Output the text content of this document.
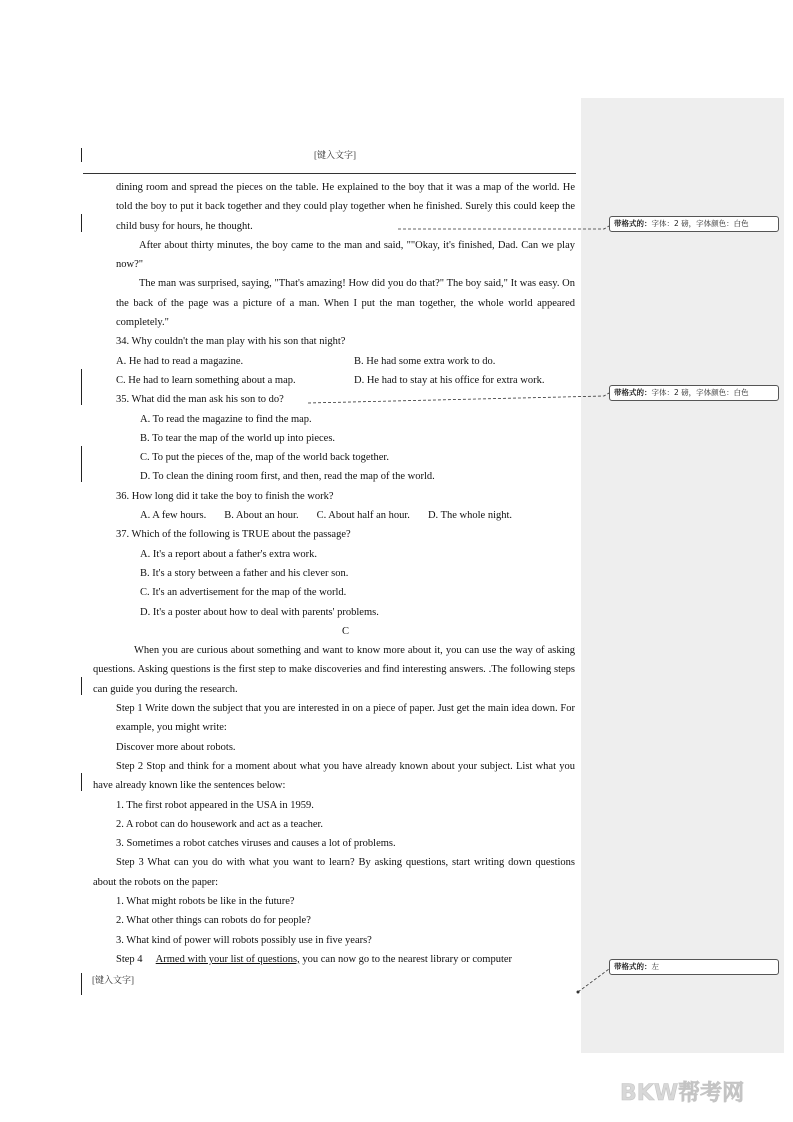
[键入文字]

dining room and spread the pieces on the table. He explained to the boy that it was a map of the world. He told the boy to put it back together and they could play together when he finished. Surely this could keep the child busy for hours, he thought.

After about thirty minutes, the boy came to the man and said, ""Okay, it's finished, Dad. Can we play now?"

The man was surprised, saying, "That's amazing! How did you do that?" The boy said," It was easy. On the back of the page was a picture of a man. When I put the man together, the whole world appeared completely."

34. Why couldn't the man play with his son that night?

A. He had to read a magazine.	B. He had some extra work to do.
C. He had to learn something about a map.	D. He had to stay at his office for extra work.

35. What did the man ask his son to do?

A. To read the magazine to find the map.

B. To tear the map of the world up into pieces.

C. To put the pieces of the, map of the world back together.

D. To clean the dining room first, and then, read the map of the world.

36. How long did it take the boy to finish the work?

A. A few hours. B. About an hour. C. About half an hour. D. The whole night.

37. Which of the following is TRUE about the passage?

A. It's a report about a father's extra work.

B. It's a story between a father and his clever son.

C. It's an advertisement for the map of the world.

D. It's a poster about how to deal with parents' problems.

C

When you are curious about something and want to know more about it, you can use the way of asking questions. Asking questions is the first step to make discoveries and find interesting answers. .The following steps can guide you during the research.

Step 1 Write down the subject that you are interested in on a piece of paper. Just get the main idea down. For example, you might write:

Discover more about robots.

Step 2 Stop and think for a moment about what you have already known about your subject. List what you have already known like the sentences below:

1. The first robot appeared in the USA in 1959.

2. A robot can do housework and act as a teacher.

3. Sometimes a robot catches viruses and causes a lot of problems.

Step 3 What can you do with what you want to learn? By asking questions, start writing down questions about the robots on the paper:

1. What might robots be like in the future?

2. What other things can robots do for people?

3. What kind of power will robots possibly use in five years?

Step 4 Armed with your list of questions, you can now go to the nearest library or computer

[键入文字]
带格式的：字体：2 磅，字体颜色：白色
带格式的：字体：2 磅，字体颜色：白色
带格式的：左
BKW帮考网
